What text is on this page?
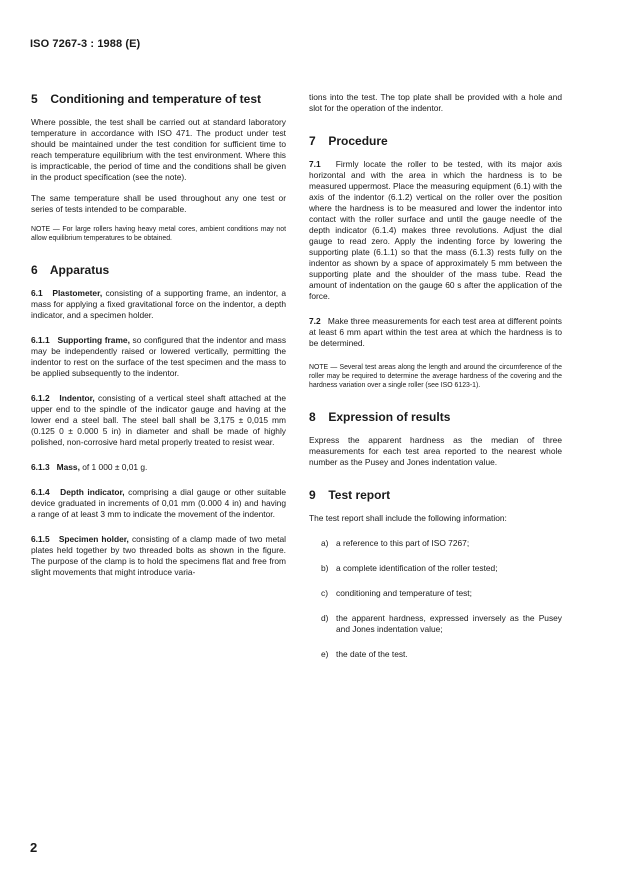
ISO 7267-3 : 1988 (E)
5 Conditioning and temperature of test

Where possible, the test shall be carried out at standard laboratory temperature in accordance with ISO 471. The product under test should be maintained under the test condition for sufficient time to reach temperature equilibrium with the test environment. Where this is impracticable, the period of time and the conditions shall be given in the product specification (see the note).

The same temperature shall be used throughout any one test or series of tests intended to be comparable.

NOTE — For large rollers having heavy metal cores, ambient conditions may not allow equilibrium temperatures to be obtained.

6 Apparatus

6.1 Plastometer, consisting of a supporting frame, an indentor, a mass for applying a fixed gravitational force on the indentor, a depth indicator, and a specimen holder.

6.1.1 Supporting frame, so configured that the indentor and mass may be independently raised or lowered vertically, permitting the indentor to rest on the surface of the test specimen and the mass to be applied subsequently to the indentor.

6.1.2 Indentor, consisting of a vertical steel shaft attached at the upper end to the spindle of the indicator gauge and having at the lower end a steel ball. The steel ball shall be 3,175 ± 0,015 mm (0.125 0 ± 0.000 5 in) in diameter and shall be made of highly polished, non-corrosive hard metal properly treated to resist wear.

6.1.3 Mass, of 1 000 ± 0,01 g.

6.1.4 Depth indicator, comprising a dial gauge or other suitable device graduated in increments of 0,01 mm (0.000 4 in) and having a range of at least 3 mm to indicate the movement of the indentor.

6.1.5 Specimen holder, consisting of a clamp made of two metal plates held together by two threaded bolts as shown in the figure. The purpose of the clamp is to hold the specimens flat and free from slight movements that might introduce varia-

tions into the test. The top plate shall be provided with a hole and slot for the operation of the indentor.

7 Procedure

7.1 Firmly locate the roller to be tested, with its major axis horizontal and with the area in which the hardness is to be measured uppermost. Place the measuring equipment (6.1) with the axis of the indentor (6.1.2) vertical on the roller over the position where the hardness is to be measured and lower the indentor into contact with the roller surface and until the gauge needle of the depth indicator (6.1.4) makes three revolutions. Adjust the dial gauge to read zero. Apply the indenting force by lowering the supporting plate (6.1.1) so that the mass (6.1.3) rests fully on the indentor as shown by a space of approximately 5 mm between the supporting plate and the shoulder of the mass tube. Read the amount of indentation on the gauge 60 s after the application of the force.

7.2 Make three measurements for each test area at different points at least 6 mm apart within the test area at which the hardness is to be determined.

NOTE — Several test areas along the length and around the circumference of the roller may be required to determine the average hardness of the covering and the hardness variation over a single roller (see ISO 6123-1).

8 Expression of results

Express the apparent hardness as the median of three measurements for each test area reported to the nearest whole number as the Pusey and Jones indentation value.

9 Test report

The test report shall include the following information:

a) a reference to this part of ISO 7267;
b) a complete identification of the roller tested;
c) conditioning and temperature of test;
d) the apparent hardness, expressed inversely as the Pusey and Jones indentation value;
e) the date of the test.
2
